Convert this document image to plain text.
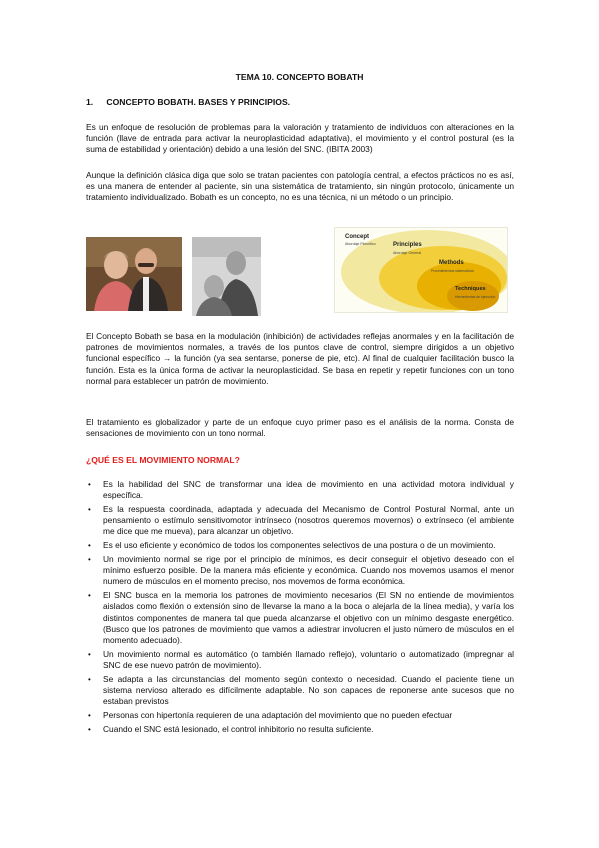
TEMA 10. CONCEPTO BOBATH
1. CONCEPTO BOBATH. BASES Y PRINCIPIOS.
Es un enfoque de resolución de problemas para la valoración y tratamiento de individuos con alteraciones en la función (llave de entrada para activar la neuroplasticidad adaptativa), el movimiento y el control postural (es la suma de estabilidad y orientación) debido a una lesión del SNC. (IBITA 2003)
Aunque la definición clásica diga que solo se tratan pacientes con patología central, a efectos prácticos no es así, es una manera de entender al paciente, sin una sistemática de tratamiento, sin ningún protocolo, únicamente un tratamiento individualizado. Bobath es un concepto, no es una técnica, ni un método o un principio.
Concept
Abordaje Filosófico	Principles
Abordaje General
Methods
Procedimientos sistemáticos
Techniques
Herramientas de ejecución
El Concepto Bobath se basa en la modulación (inhibición) de actividades reflejas anormales y en la facilitación de patrones de movimientos normales, a través de los puntos clave de control, siempre dirigidos a un objetivo funcional específico → la función (ya sea sentarse, ponerse de pie, etc). Al final de cualquier facilitación busco la función. Esta es la única forma de activar la neuroplasticidad. Se basa en repetir y repetir funciones con un tono normal para establecer un patrón de movimiento.
El tratamiento es globalizador y parte de un enfoque cuyo primer paso es el análisis de la norma. Consta de sensaciones de movimiento con un tono normal.
¿QUÉ ES EL MOVIMIENTO NORMAL?
• Es la habilidad del SNC de transformar una idea de movimiento en una actividad motora individual y específica.
• Es la respuesta coordinada, adaptada y adecuada del Mecanismo de Control Postural Normal, ante un pensamiento o estímulo sensitivomotor intrínseco (nosotros queremos movernos) o extrínseco (el ambiente me dice que me mueva), para alcanzar un objetivo.
• Es el uso eficiente y económico de todos los componentes selectivos de una postura o de un movimiento.
• Un movimiento normal se rige por el principio de mínimos, es decir conseguir el objetivo deseado con el mínimo esfuerzo posible. De la manera más eficiente y económica. Cuando nos movemos usamos el menor numero de músculos en el momento preciso, nos movemos de forma económica.
• El SNC busca en la memoria los patrones de movimiento necesarios (El SN no entiende de movimientos aislados como flexión o extensión sino de llevarse la mano a la boca o alejarla de la línea media), y varía los distintos componentes de manera tal que pueda alcanzarse el objetivo con un mínimo desgaste energético. (Busco que los patrones de movimiento que vamos a adiestrar involucren el justo número de músculos en el momento adecuado).
• Un movimiento normal es automático (o también llamado reflejo), voluntario o automatizado (impregnar al SNC de ese nuevo patrón de movimiento).
• Se adapta a las circunstancias del momento según contexto o necesidad. Cuando el paciente tiene un sistema nervioso alterado es difícilmente adaptable. No son capaces de reponerse ante sucesos que no estaban previstos
• Personas con hipertonía requieren de una adaptación del movimiento que no pueden efectuar
• Cuando el SNC está lesionado, el control inhibitorio no resulta suficiente.
